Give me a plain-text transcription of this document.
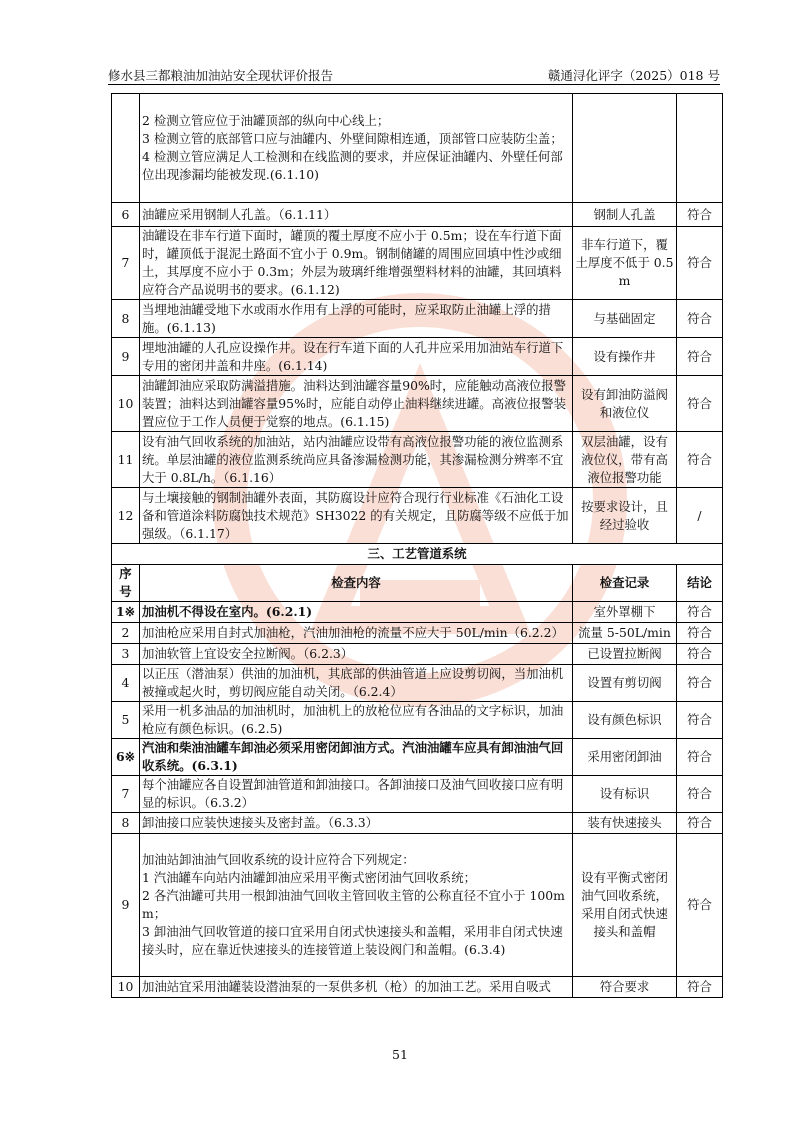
修水县三都粮油加油站安全现状评价报告	赣通浔化评字（2025）018 号

	2 检测立管应位于油罐顶部的纵向中心线上；
3 检测立管的底部管口应与油罐内、外壁间隙相连通，顶部管口应装防尘盖；
4 检测立管应满足人工检测和在线监测的要求，并应保证油罐内、外壁任何部位出现渗漏均能被发现.(6.1.10)		

6	油罐应采用钢制人孔盖。（6.1.11）	钢制人孔盖	符合
7	油罐设在非车行道下面时，罐顶的覆土厚度不应小于 0.5m；设在车行道下面时，罐顶低于混泥土路面不宜小于 0.9m。钢制储罐的周围应回填中性沙或细土，其厚度不应小于 0.3m；外层为玻璃纤维增强塑料材料的油罐，其回填料应符合产品说明书的要求。(6.1.12)	非车行道下，覆土厚度不低于 0.5m	符合
8	当埋地油罐受地下水或雨水作用有上浮的可能时，应采取防止油罐上浮的措施。(6.1.13)	与基础固定	符合
9	埋地油罐的人孔应设操作井。设在行车道下面的人孔井应采用加油站车行道下专用的密闭井盖和井座。(6.1.14)	设有操作井	符合
10	油罐卸油应采取防满溢措施。油料达到油罐容量90%时，应能触动高液位报警装置；油料达到油罐容量95%时，应能自动停止油料继续进罐。高液位报警装置应位于工作人员便于觉察的地点。(6.1.15)	设有卸油防溢阀和液位仪	符合
11	设有油气回收系统的加油站，站内油罐应设带有高液位报警功能的液位监测系统。单层油罐的液位监测系统尚应具备渗漏检测功能，其渗漏检测分辨率不宜大于 0.8L/h。（6.1.16）	双层油罐，设有液位仪，带有高液位报警功能	符合
12	与土壤接触的钢制油罐外表面，其防腐设计应符合现行行业标准《石油化工设备和管道涂料防腐蚀技术规范》SH3022 的有关规定，且防腐等级不应低于加强级。（6.1.17）	按要求设计，且经过验收	/
三、工艺管道系统			
序号	检查内容	检查记录	结论
1※	加油机不得设在室内。(6.2.1)	室外罩棚下	符合
2	加油枪应采用自封式加油枪，汽油加油枪的流量不应大于 50L/min（6.2.2）	流量 5-50L/min	符合
3	加油软管上宜设安全拉断阀。（6.2.3）	已设置拉断阀	符合
4	以正压（潜油泵）供油的加油机，其底部的供油管道上应设剪切阀，当加油机被撞或起火时，剪切阀应能自动关闭。（6.2.4）	设置有剪切阀	符合
5	采用一机多油品的加油机时，加油机上的放枪位应有各油品的文字标识，加油枪应有颜色标识。(6.2.5)	设有颜色标识	符合
6※	汽油和柴油油罐车卸油必须采用密闭卸油方式。汽油油罐车应具有卸油油气回收系统。(6.3.1)	采用密闭卸油	符合
7	每个油罐应各自设置卸油管道和卸油接口。各卸油接口及油气回收接口应有明显的标识。（6.3.2）	设有标识	符合
8	卸油接口应装快速接头及密封盖。（6.3.3）	装有快速接头	符合
9	加油站卸油油气回收系统的设计应符合下列规定：
1 汽油罐车向站内油罐卸油应采用平衡式密闭油气回收系统；
2 各汽油罐可共用一根卸油油气回收主管回收主管的公称直径不宜小于 100mm；
3 卸油油气回收管道的接口宜采用自闭式快速接头和盖帽，采用非自闭式快速接头时，应在靠近快速接头的连接管道上装设阀门和盖帽。(6.3.4)	设有平衡式密闭油气回收系统，采用自闭式快速接头和盖帽	符合
10	加油站宜采用油罐装设潜油泵的一泵供多机（枪）的加油工艺。采用自吸式	符合要求	符合
51
